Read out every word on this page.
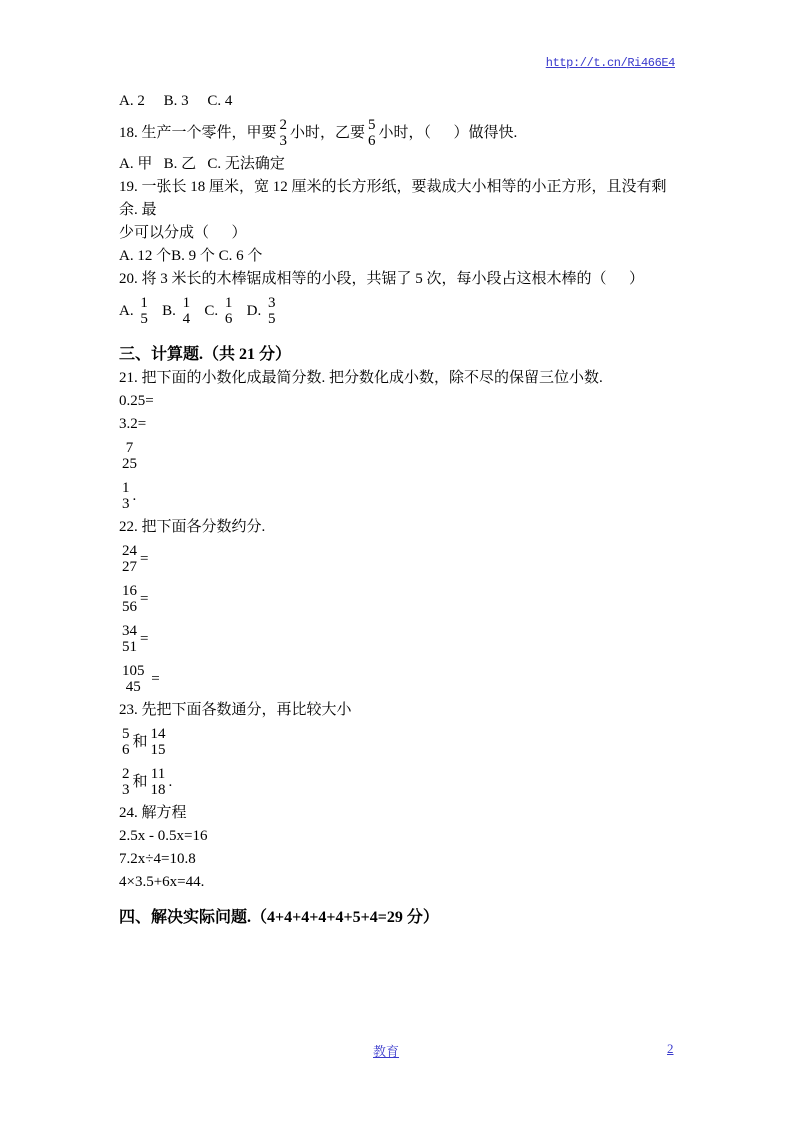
http://t.cn/Ri466E4
A. 2     B. 3     C. 4
18. 生产一个零件，甲要 2
3 小时，乙要 5
6 小时，（      ）做得快.
A. 甲   B. 乙   C. 无法确定
19. 一张长 18 厘米，宽 12 厘米的长方形纸，要裁成大小相等的小正方形，且没有剩余. 最
少可以分成（      ）
A. 12 个B. 9 个 C. 6 个
20. 将 3 米长的木棒锯成相等的小段，共锯了 5 次，每小段占这根木棒的（      ）
A. 1
5 B. 1
4 C. 1
6 D. 3
5
三、计算题.（共 21 分）
21. 把下面的小数化成最简分数. 把分数化成小数，除不尽的保留三位小数.
0.25=
3.2=
7
25
1
3 .
22. 把下面各分数约分.
24
27 =
16
56 =
34
51 =
105
45 =
23. 先把下面各数通分，再比较大小
5
6 和 14
15
2
3 和 11
18 .
24. 解方程
2.5x - 0.5x=16
7.2x÷4=10.8
4×3.5+6x=44.
四、解决实际问题.（4+4+4+4+4+5+4=29 分）
教育	2
